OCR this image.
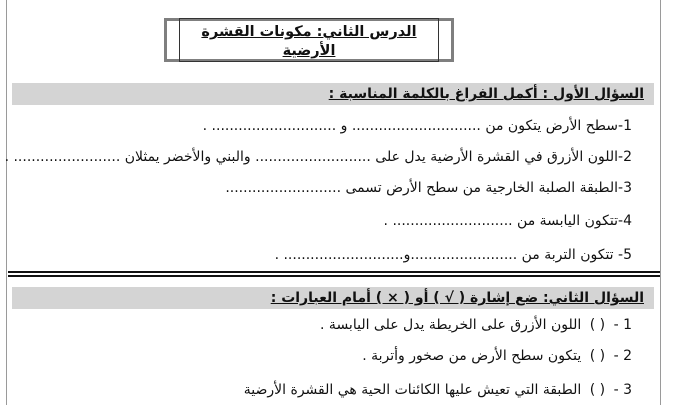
الدرس الثاني: مكونات القشرة الأرضية
السؤال الأول : أكمل الفراغ بالكلمة المناسبة :
1-سطح الأرض يتكون من ............................. و ............................ .
2-اللون الأزرق في القشرة الأرضية يدل على .......................... والبني والأخضر يمثلان ........................ .
3-الطبقة الصلبة الخارجية من سطح الأرض تسمى ..........................
4-تتكون اليابسة من ........................... .
5- تتكون التربة من ........................و........................... .
السؤال الثاني: ضع إشارة ( √ ) أو ( × ) أمام العبارات :
1 - ( ) اللون الأزرق على الخريطة يدل على اليابسة .
2 - ( ) يتكون سطح الأرض من صخور وأتربة .
3 - ( ) الطبقة التي تعيش عليها الكائنات الحية هي القشرة الأرضية
